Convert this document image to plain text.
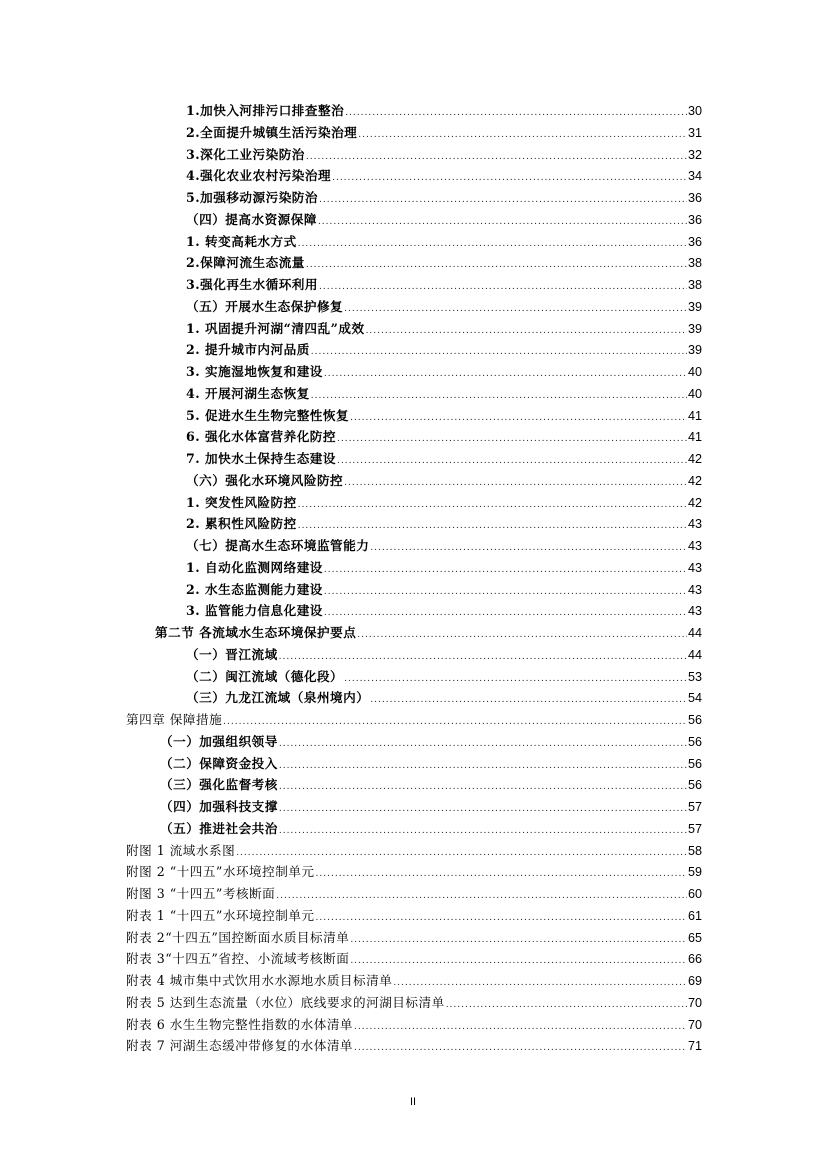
1.加快入河排污口排查整治 .....	30
2.全面提升城镇生活污染治理 .....	31
3.深化工业污染防治 .....	32
4.强化农业农村污染治理 .....	34
5.加强移动源污染防治 .....	36
（四）提高水资源保障 .....	36
1. 转变高耗水方式 .....	36
2.保障河流生态流量 .....	38
3.强化再生水循环利用 .....	38
（五）开展水生态保护修复 .....	39
1. 巩固提升河湖“清四乱”成效 .....	39
2. 提升城市内河品质 .....	39
3. 实施湿地恢复和建设 .....	40
4. 开展河湖生态恢复 .....	40
5. 促进水生生物完整性恢复 .....	41
6. 强化水体富营养化防控 .....	41
7. 加快水土保持生态建设 .....	42
（六）强化水环境风险防控 .....	42
1. 突发性风险防控 .....	42
2. 累积性风险防控 .....	43
（七）提高水生态环境监管能力 .....	43
1. 自动化监测网络建设 .....	43
2. 水生态监测能力建设 .....	43
3. 监管能力信息化建设 .....	43
第二节 各流域水生态环境保护要点 .....	44
（一）晋江流域 .....	44
（二）闽江流域（德化段） .....	53
（三）九龙江流域（泉州境内） .....	54
第四章 保障措施 .....	56
（一）加强组织领导 .....	56
（二）保障资金投入 .....	56
（三）强化监督考核 .....	56
（四）加强科技支撑 .....	57
（五）推进社会共治 .....	57
附图 1 流域水系图 .....	58
附图 2 “十四五”水环境控制单元 .....	59
附图 3 “十四五”考核断面 .....	60
附表 1 “十四五”水环境控制单元 .....	61
附表 2“十四五”国控断面水质目标清单 .....	65
附表 3“十四五”省控、小流域考核断面 .....	66
附表 4 城市集中式饮用水水源地水质目标清单 .....	69
附表 5 达到生态流量（水位）底线要求的河湖目标清单 .....	70
附表 6 水生生物完整性指数的水体清单 .....	70
附表 7 河湖生态缓冲带修复的水体清单 .....	71
II
